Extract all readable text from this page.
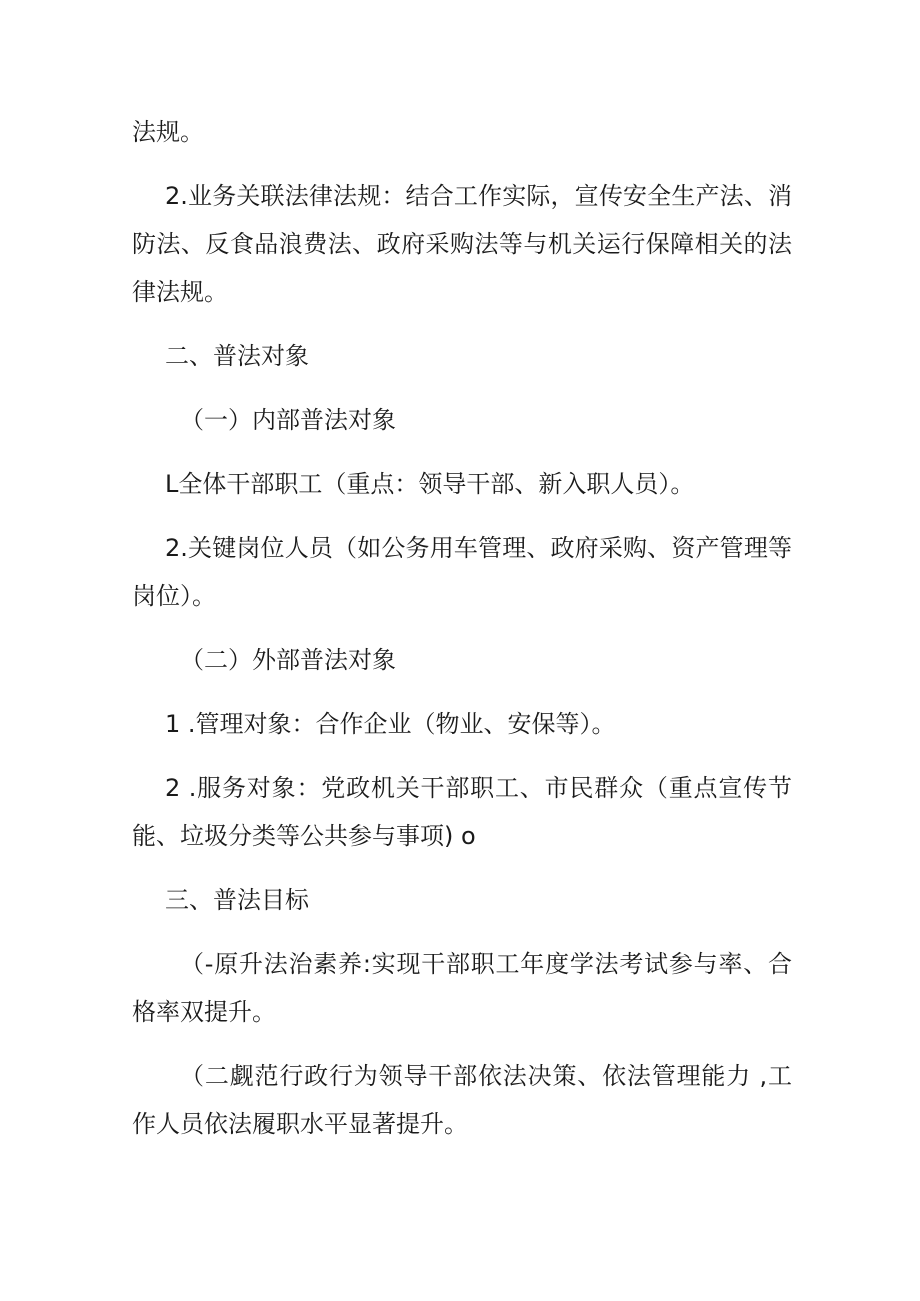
法规。

2.业务关联法律法规：结合工作实际，宣传安全生产法、消防法、反食品浪费法、政府采购法等与机关运行保障相关的法律法规。

二、普法对象

（一）内部普法对象

L全体干部职工（重点：领导干部、新入职人员）。

2.关键岗位人员（如公务用车管理、政府采购、资产管理等岗位）。

（二）外部普法对象

1 .管理对象：合作企业（物业、安保等）。

2 .服务对象：党政机关干部职工、市民群众（重点宣传节能、垃圾分类等公共参与事项) o

三、普法目标

（-原升法治素养:实现干部职工年度学法考试参与率、合格率双提升。

（二觑范行政行为领导干部依法决策、依法管理能力 ,工作人员依法履职水平显著提升。
